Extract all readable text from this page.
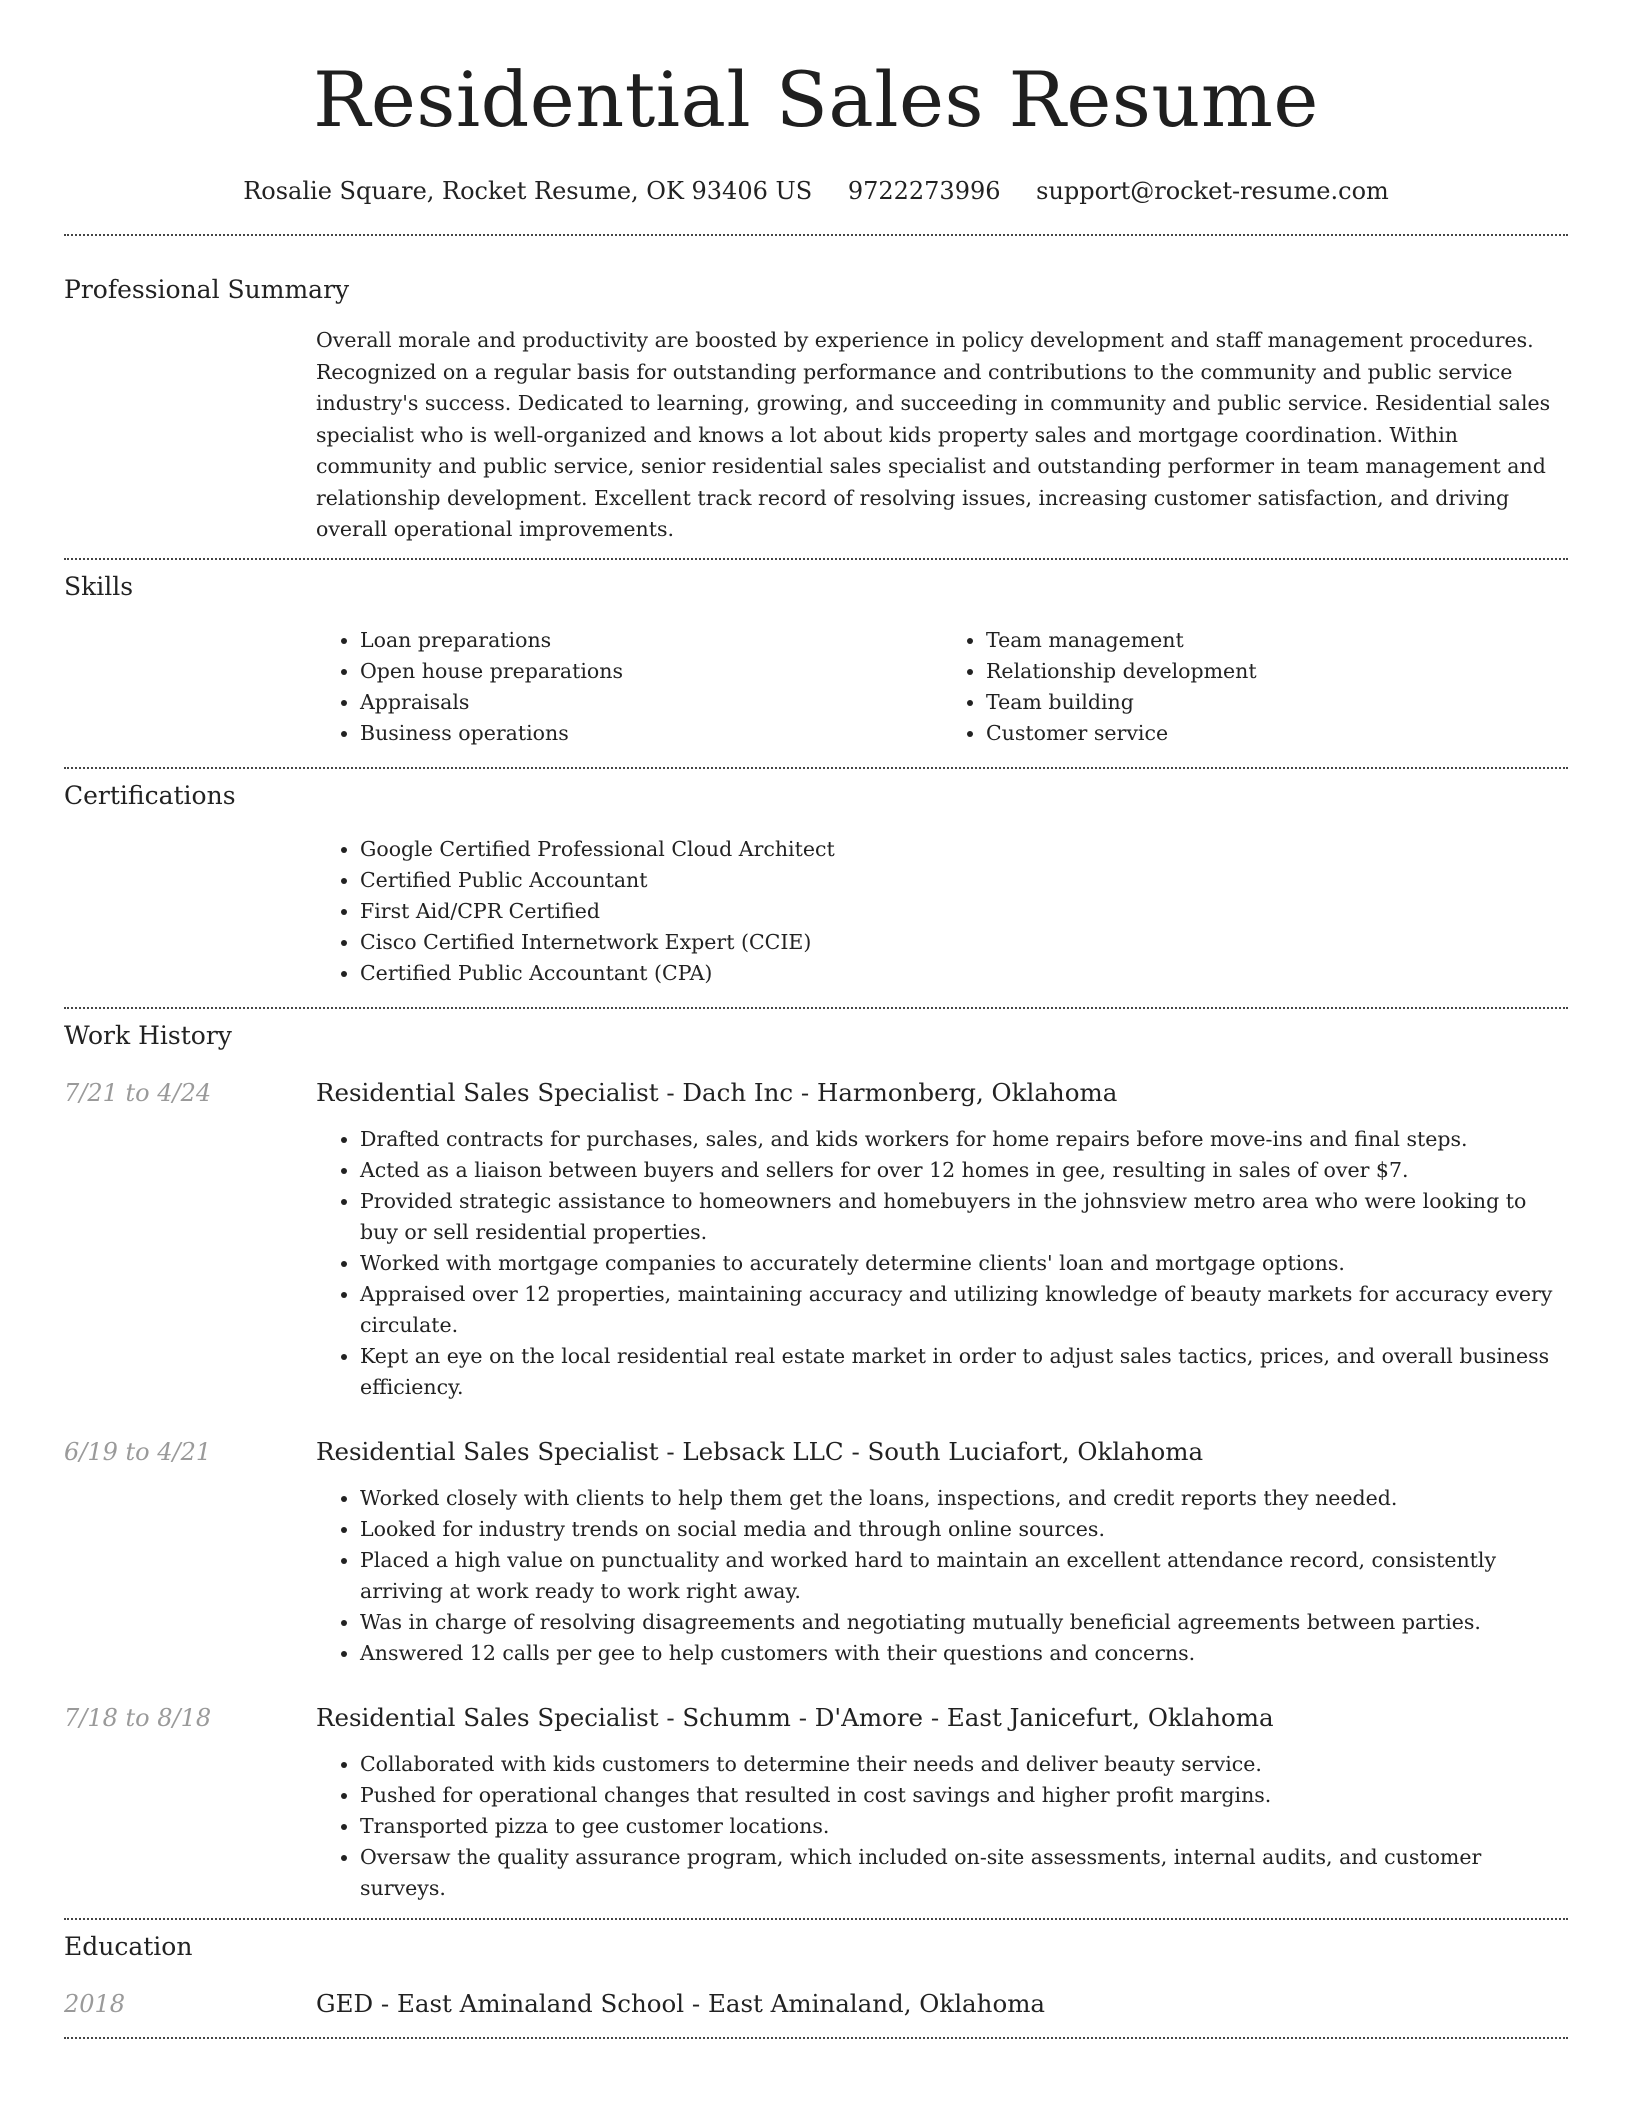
Residential Sales Resume
Rosalie Square, Rocket Resume, OK 93406 US 9722273996 support@rocket-resume.com
Professional Summary

Overall morale and productivity are boosted by experience in policy development and staff management procedures. Recognized on a regular basis for outstanding performance and contributions to the community and public service industry's success. Dedicated to learning, growing, and succeeding in community and public service. Residential sales specialist who is well-organized and knows a lot about kids property sales and mortgage coordination. Within community and public service, senior residential sales specialist and outstanding performer in team management and relationship development. Excellent track record of resolving issues, increasing customer satisfaction, and driving overall operational improvements.

Skills
• Loan preparations
• Open house preparations
• Appraisals
• Business operations
• Team management
• Relationship development
• Team building
• Customer service
Certifications
• Google Certified Professional Cloud Architect
• Certified Public Accountant
• First Aid/CPR Certified
• Cisco Certified Internetwork Expert (CCIE)
• Certified Public Accountant (CPA)
Work History
7/21 to 4/24	Residential Sales Specialist - Dach Inc - Harmonberg, Oklahoma
• Drafted contracts for purchases, sales, and kids workers for home repairs before move-ins and final steps.
• Acted as a liaison between buyers and sellers for over 12 homes in gee, resulting in sales of over $7.
• Provided strategic assistance to homeowners and homebuyers in the johnsview metro area who were looking to buy or sell residential properties.
• Worked with mortgage companies to accurately determine clients' loan and mortgage options.
• Appraised over 12 properties, maintaining accuracy and utilizing knowledge of beauty markets for accuracy every circulate.
• Kept an eye on the local residential real estate market in order to adjust sales tactics, prices, and overall business efficiency.
6/19 to 4/21	Residential Sales Specialist - Lebsack LLC - South Luciafort, Oklahoma
• Worked closely with clients to help them get the loans, inspections, and credit reports they needed.
• Looked for industry trends on social media and through online sources.
• Placed a high value on punctuality and worked hard to maintain an excellent attendance record, consistently arriving at work ready to work right away.
• Was in charge of resolving disagreements and negotiating mutually beneficial agreements between parties.
• Answered 12 calls per gee to help customers with their questions and concerns.
7/18 to 8/18	Residential Sales Specialist - Schumm - D'Amore - East Janicefurt, Oklahoma
• Collaborated with kids customers to determine their needs and deliver beauty service.
• Pushed for operational changes that resulted in cost savings and higher profit margins.
• Transported pizza to gee customer locations.
• Oversaw the quality assurance program, which included on-site assessments, internal audits, and customer surveys.
Education
2018	GED - East Aminaland School - East Aminaland, Oklahoma
